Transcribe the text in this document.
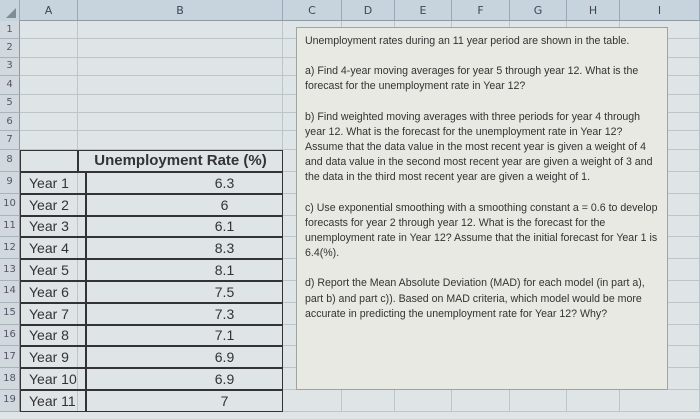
A	B	C	D	E	F	G	H	I
1
2
3
4
5
6
7
8
9
10
11
12
13
14
15
16
17
18
19
Unemployment Rate (%)
Year 1	6.3
Year 2	6
Year 3	6.1
Year 4	8.3
Year 5	8.1
Year 6	7.5
Year 7	7.3
Year 8	7.1
Year 9	6.9
Year 10	6.9
Year 11	7

Unemployment rates during an 11 year period are shown in the table.

a) Find 4-year moving averages for year 5 through year 12. What is the forecast for the unemployment rate in Year 12?

b) Find weighted moving averages with three periods for year 4 through year 12. What is the forecast for the unemployment rate in Year 12? Assume that the data value in the most recent year is given a weight of 4 and data value in the second most recent year are given a weight of 3 and the data in the third most recent year are given a weight of 1.

c) Use exponential smoothing with a smoothing constant a = 0.6 to develop forecasts for year 2 through year 12. What is the forecast for the unemployment rate in Year 12? Assume that the initial forecast for Year 1 is 6.4(%).

d) Report the Mean Absolute Deviation (MAD) for each model (in part a), part b) and part c)). Based on MAD criteria, which model would be more accurate in predicting the unemployment rate for Year 12? Why?
